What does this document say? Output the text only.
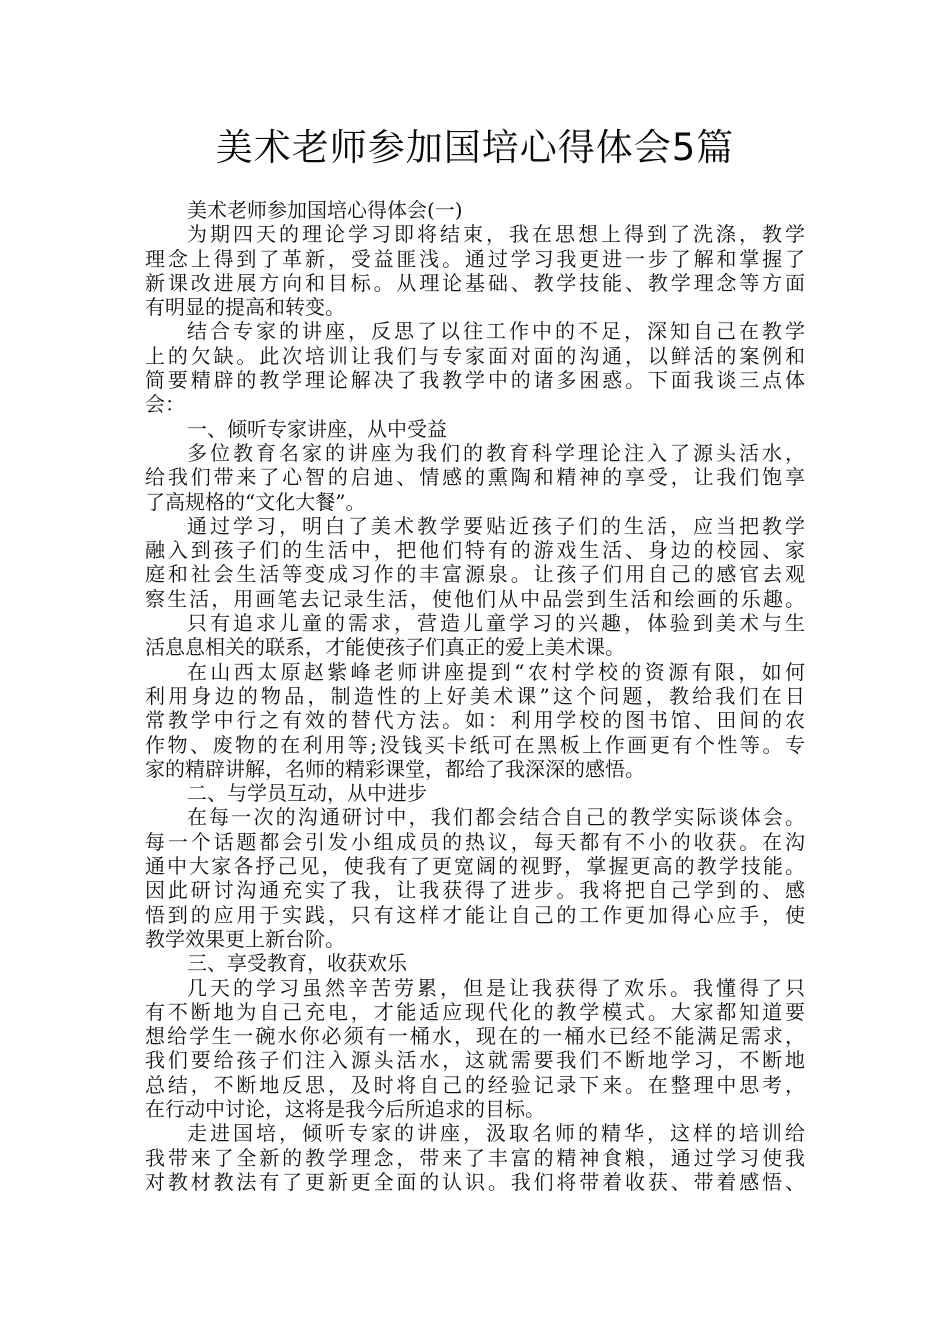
美术老师参加国培心得体会5篇
美术老师参加国培心得体会(一)
为期四天的理论学习即将结束，我在思想上得到了洗涤，教学
理念上得到了革新，受益匪浅。通过学习我更进一步了解和掌握了
新课改进展方向和目标。从理论基础、教学技能、教学理念等方面
有明显的提高和转变。
结合专家的讲座，反思了以往工作中的不足，深知自己在教学
上的欠缺。此次培训让我们与专家面对面的沟通，以鲜活的案例和
简要精辟的教学理论解决了我教学中的诸多困惑。下面我谈三点体
会：
一、倾听专家讲座，从中受益
多位教育名家的讲座为我们的教育科学理论注入了源头活水，
给我们带来了心智的启迪、情感的熏陶和精神的享受，让我们饱享
了高规格的“文化大餐”。
通过学习，明白了美术教学要贴近孩子们的生活，应当把教学
融入到孩子们的生活中，把他们特有的游戏生活、身边的校园、家
庭和社会生活等变成习作的丰富源泉。让孩子们用自己的感官去观
察生活，用画笔去记录生活，使他们从中品尝到生活和绘画的乐趣。
只有追求儿童的需求，营造儿童学习的兴趣，体验到美术与生
活息息相关的联系，才能使孩子们真正的爱上美术课。
在山西太原赵紫峰老师讲座提到“农村学校的资源有限，如何
利用身边的物品，制造性的上好美术课”这个问题，教给我们在日
常教学中行之有效的替代方法。如：利用学校的图书馆、田间的农
作物、废物的在利用等;没钱买卡纸可在黑板上作画更有个性等。专
家的精辟讲解，名师的精彩课堂，都给了我深深的感悟。
二、与学员互动，从中进步
在每一次的沟通研讨中，我们都会结合自己的教学实际谈体会。
每一个话题都会引发小组成员的热议，每天都有不小的收获。在沟
通中大家各抒己见，使我有了更宽阔的视野，掌握更高的教学技能。
因此研讨沟通充实了我，让我获得了进步。我将把自己学到的、感
悟到的应用于实践，只有这样才能让自己的工作更加得心应手，使
教学效果更上新台阶。
三、享受教育，收获欢乐
几天的学习虽然辛苦劳累，但是让我获得了欢乐。我懂得了只
有不断地为自己充电，才能适应现代化的教学模式。大家都知道要
想给学生一碗水你必须有一桶水，现在的一桶水已经不能满足需求，
我们要给孩子们注入源头活水，这就需要我们不断地学习，不断地
总结，不断地反思，及时将自己的经验记录下来。在整理中思考，
在行动中讨论，这将是我今后所追求的目标。
走进国培，倾听专家的讲座，汲取名师的精华，这样的培训给
我带来了全新的教学理念，带来了丰富的精神食粮，通过学习使我
对教材教法有了更新更全面的认识。我们将带着收获、带着感悟、
